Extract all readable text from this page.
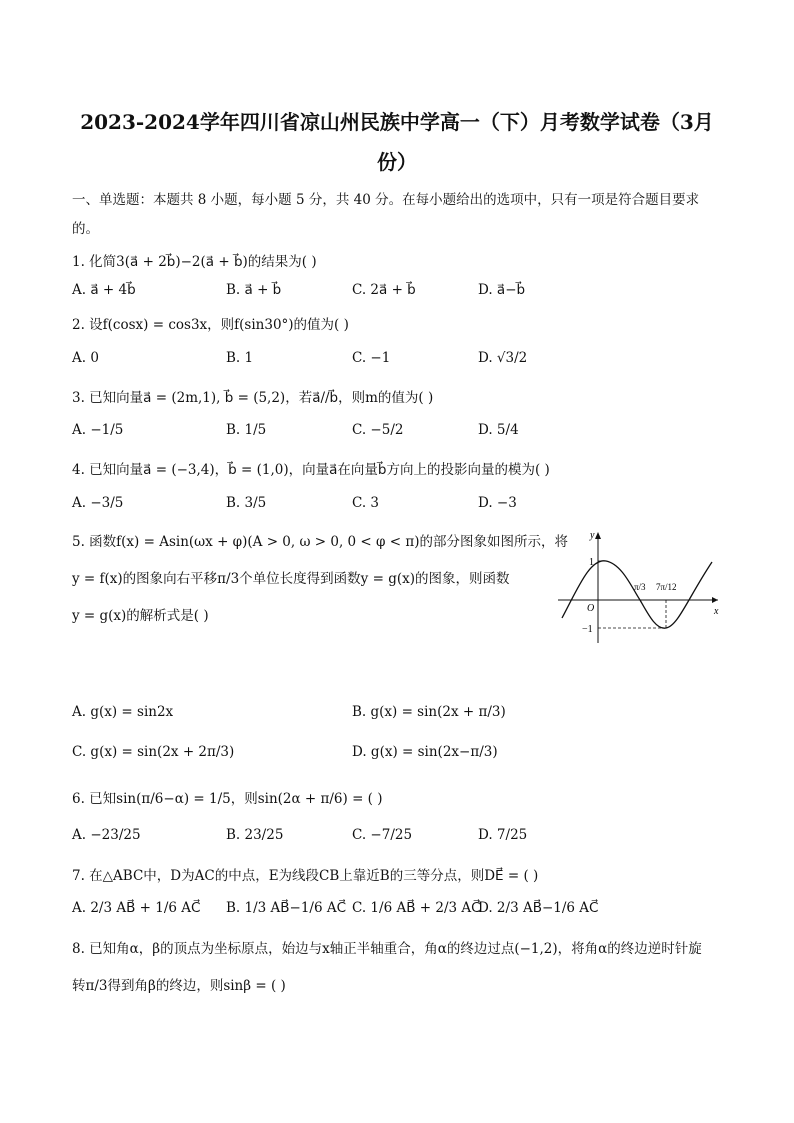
2023-2024学年四川省凉山州民族中学高一（下）月考数学试卷（3月
份）
一、单选题：本题共 8 小题，每小题 5 分，共 40 分。在每小题给出的选项中，只有一项是符合题目要求
的。
1. 化简3(a⃗ + 2b⃗)−2(a⃗ + b⃗)的结果为( )
A. a⃗ + 4b⃗	B. a⃗ + b⃗	C. 2a⃗ + b⃗	D. a⃗−b⃗
2. 设f(cosx) = cos3x，则f(sin30°)的值为( )
A. 0	B. 1	C. −1	D. √3/2
3. 已知向量a⃗ = (2m,1), b⃗ = (5,2)，若a⃗//b⃗，则m的值为( )
A. −1/5	B. 1/5	C. −5/2	D. 5/4
4. 已知向量a⃗ = (−3,4)，b⃗ = (1,0)，向量a⃗在向量b⃗方向上的投影向量的模为( )
A. −3/5	B. 3/5	C. 3	D. −3
5. 函数f(x) = Asin(ωx + φ)(A > 0, ω > 0, 0 < φ < π)的部分图象如图所示，将
y = f(x)的图象向右平移π/3个单位长度得到函数y = g(x)的图象，则函数
y = g(x)的解析式是( )
y
x
O
1
−1
π/3 7π/12
A. g(x) = sin2x	B. g(x) = sin(2x + π/3)
C. g(x) = sin(2x + 2π/3)	D. g(x) = sin(2x−π/3)
6. 已知sin(π/6−α) = 1/5，则sin(2α + π/6) = ( )
A. −23/25	B. 23/25	C. −7/25	D. 7/25
7. 在△ABC中，D为AC的中点，E为线段CB上靠近B的三等分点，则DE⃗ = ( )
A. 2/3 AB⃗ + 1/6 AC⃗ B. 1/3 AB⃗−1/6 AC⃗ C. 1/6 AB⃗ + 2/3 AC⃗
D. 2/3 AB⃗−1/6 AC⃗
8. 已知角α，β的顶点为坐标原点，始边与x轴正半轴重合，角α的终边过点(−1,2)，将角α的终边逆时针旋
转π/3得到角β的终边，则sinβ = ( )
